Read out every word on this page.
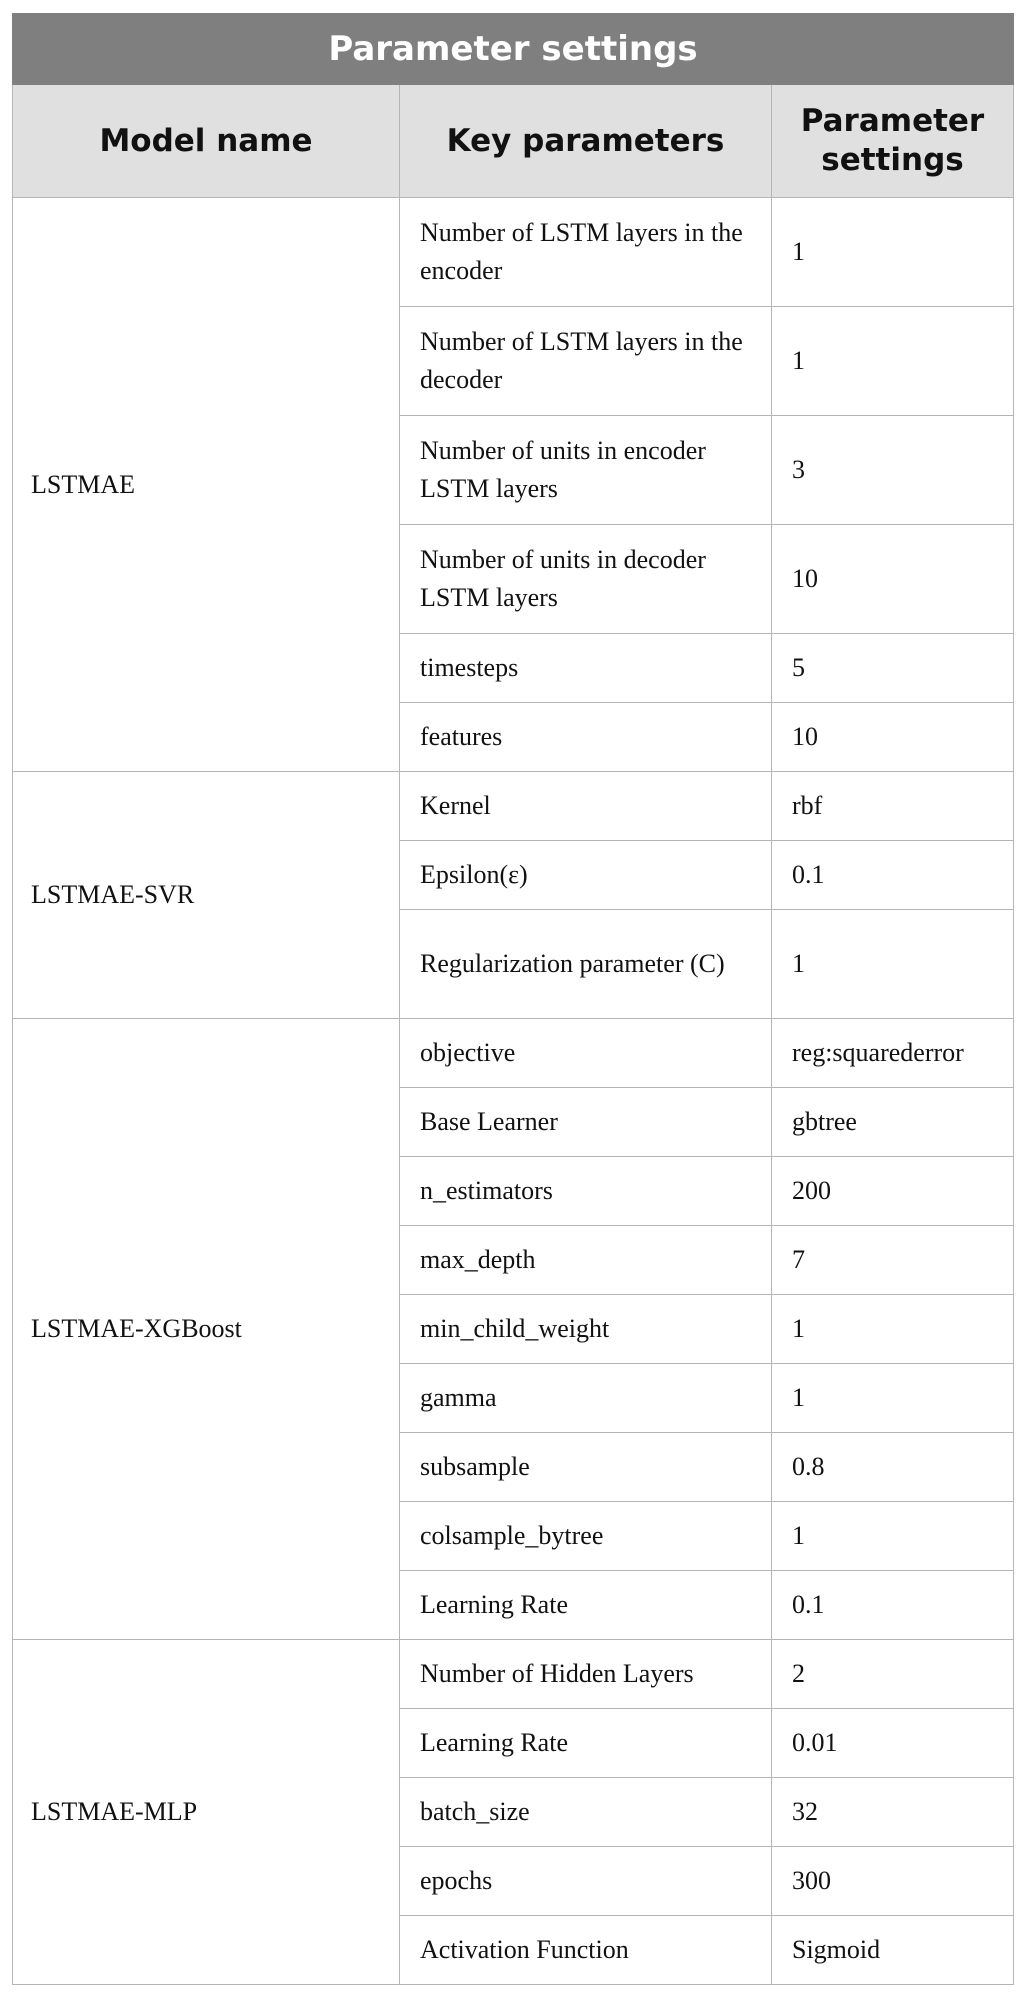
Parameter settings		
Model name	Key parameters	Parameter settings
LSTMAE	Number of LSTM layers in the encoder	1
	Number of LSTM layers in the decoder	1
	Number of units in encoder LSTM layers	3
	Number of units in decoder LSTM layers	10
	timesteps	5
	features	10
LSTMAE-SVR	Kernel	rbf
	Epsilon(ε)	0.1
	Regularization parameter (C)	1
LSTMAE-XGBoost	objective	reg:squarederror
	Base Learner	gbtree
	n_estimators	200
	max_depth	7
	min_child_weight	1
	gamma	1
	subsample	0.8
	colsample_bytree	1
	Learning Rate	0.1
LSTMAE-MLP	Number of Hidden Layers	2
	Learning Rate	0.01
	batch_size	32
	epochs	300
	Activation Function	Sigmoid
